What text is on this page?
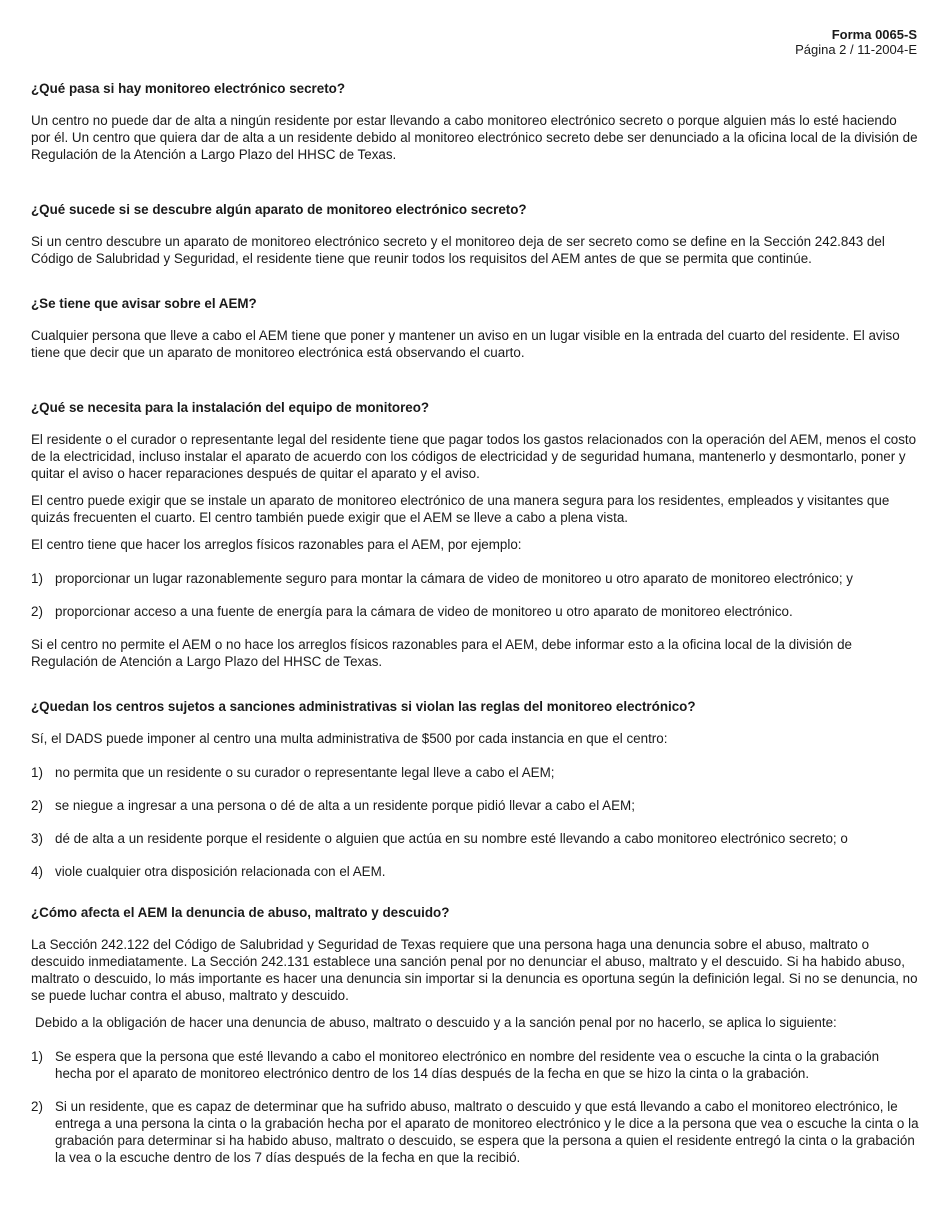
Forma 0065-S
Página 2 / 11-2004-E
¿Qué pasa si hay monitoreo electrónico secreto?

Un centro no puede dar de alta a ningún residente por estar llevando a cabo monitoreo electrónico secreto o porque alguien más lo esté haciendo por él. Un centro que quiera dar de alta a un residente debido al monitoreo electrónico secreto debe ser denunciado a la oficina local de la división de Regulación de la Atención a Largo Plazo del HHSC de Texas.

¿Qué sucede si se descubre algún aparato de monitoreo electrónico secreto?

Si un centro descubre un aparato de monitoreo electrónico secreto y el monitoreo deja de ser secreto como se define en la Sección 242.843 del Código de Salubridad y Seguridad, el residente tiene que reunir todos los requisitos del AEM antes de que se permita que continúe.

¿Se tiene que avisar sobre el AEM?

Cualquier persona que lleve a cabo el AEM tiene que poner y mantener un aviso en un lugar visible en la entrada del cuarto del residente. El aviso tiene que decir que un aparato de monitoreo electrónica está observando el cuarto.

¿Qué se necesita para la instalación del equipo de monitoreo?

El residente o el curador o representante legal del residente tiene que pagar todos los gastos relacionados con la operación del AEM, menos el costo de la electricidad, incluso instalar el aparato de acuerdo con los códigos de electricidad y de seguridad humana, mantenerlo y desmontarlo, poner y quitar el aviso o hacer reparaciones después de quitar el aparato y el aviso.

El centro puede exigir que se instale un aparato de monitoreo electrónico de una manera segura para los residentes, empleados y visitantes que quizás frecuenten el cuarto. El centro también puede exigir que el AEM se lleve a cabo a plena vista.

El centro tiene que hacer los arreglos físicos razonables para el AEM, por ejemplo:

1) proporcionar un lugar razonablemente seguro para montar la cámara de video de monitoreo u otro aparato de monitoreo electrónico; y
2) proporcionar acceso a una fuente de energía para la cámara de video de monitoreo u otro aparato de monitoreo electrónico.

Si el centro no permite el AEM o no hace los arreglos físicos razonables para el AEM, debe informar esto a la oficina local de la división de Regulación de Atención a Largo Plazo del HHSC de Texas.

¿Quedan los centros sujetos a sanciones administrativas si violan las reglas del monitoreo electrónico?

Sí, el DADS puede imponer al centro una multa administrativa de $500 por cada instancia en que el centro:

1) no permita que un residente o su curador o representante legal lleve a cabo el AEM;
2) se niegue a ingresar a una persona o dé de alta a un residente porque pidió llevar a cabo el AEM;
3) dé de alta a un residente porque el residente o alguien que actúa en su nombre esté llevando a cabo monitoreo electrónico secreto; o
4) viole cualquier otra disposición relacionada con el AEM.
¿Cómo afecta el AEM la denuncia de abuso, maltrato y descuido?

La Sección 242.122 del Código de Salubridad y Seguridad de Texas requiere que una persona haga una denuncia sobre el abuso, maltrato o descuido inmediatamente. La Sección 242.131 establece una sanción penal por no denunciar el abuso, maltrato y el descuido. Si ha habido abuso, maltrato o descuido, lo más importante es hacer una denuncia sin importar si la denuncia es oportuna según la definición legal. Si no se denuncia, no se puede luchar contra el abuso, maltrato y descuido.

Debido a la obligación de hacer una denuncia de abuso, maltrato o descuido y a la sanción penal por no hacerlo, se aplica lo siguiente:

1) Se espera que la persona que esté llevando a cabo el monitoreo electrónico en nombre del residente vea o escuche la cinta o la grabación hecha por el aparato de monitoreo electrónico dentro de los 14 días después de la fecha en que se hizo la cinta o la grabación.
2) Si un residente, que es capaz de determinar que ha sufrido abuso, maltrato o descuido y que está llevando a cabo el monitoreo electrónico, le entrega a una persona la cinta o la grabación hecha por el aparato de monitoreo electrónico y le dice a la persona que vea o escuche la cinta o la grabación para determinar si ha habido abuso, maltrato o descuido, se espera que la persona a quien el residente entregó la cinta o la grabación la vea o la escuche dentro de los 7 días después de la fecha en que la recibió.
